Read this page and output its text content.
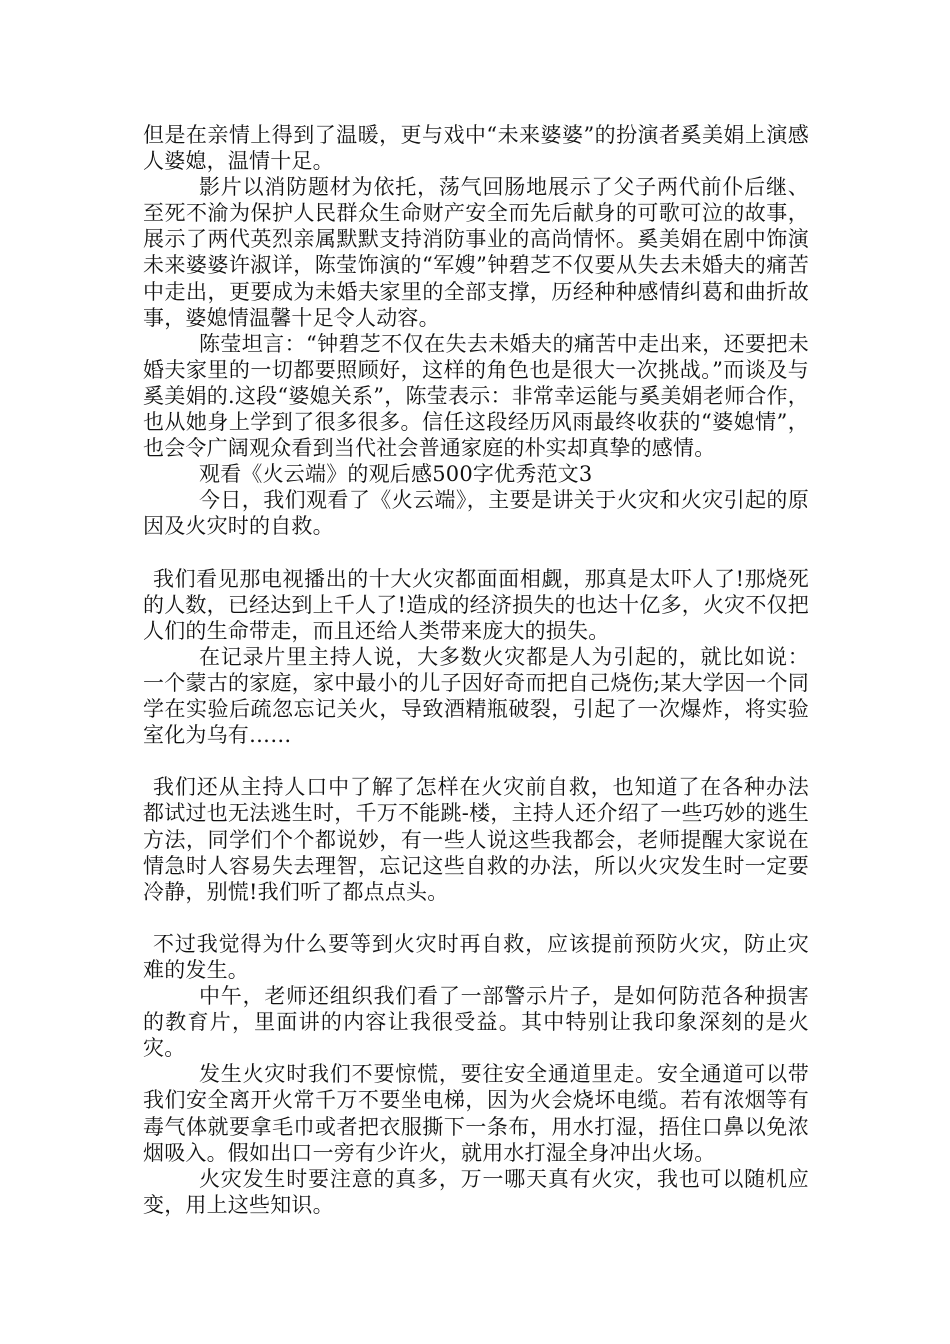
但是在亲情上得到了温暖，更与戏中“未来婆婆”的扮演者奚美娟上演感人婆媳，温情十足。

影片以消防题材为依托，荡气回肠地展示了父子两代前仆后继、至死不渝为保护人民群众生命财产安全而先后献身的可歌可泣的故事，展示了两代英烈亲属默默支持消防事业的高尚情怀。奚美娟在剧中饰演未来婆婆许淑详，陈莹饰演的“军嫂”钟碧芝不仅要从失去未婚夫的痛苦中走出，更要成为未婚夫家里的全部支撑，历经种种感情纠葛和曲折故事，婆媳情温馨十足令人动容。

陈莹坦言：“钟碧芝不仅在失去未婚夫的痛苦中走出来，还要把未婚夫家里的一切都要照顾好，这样的角色也是很大一次挑战。”而谈及与奚美娟的.这段“婆媳关系”，陈莹表示：非常幸运能与奚美娟老师合作，也从她身上学到了很多很多。信任这段经历风雨最终收获的“婆媳情”，也会令广阔观众看到当代社会普通家庭的朴实却真挚的感情。

观看《火云端》的观后感500字优秀范文3

今日，我们观看了《火云端》，主要是讲关于火灾和火灾引起的原因及火灾时的自救。

我们看见那电视播出的十大火灾都面面相觑，那真是太吓人了!那烧死的人数，已经达到上千人了!造成的经济损失的也达十亿多，火灾不仅把人们的生命带走，而且还给人类带来庞大的损失。

在记录片里主持人说，大多数火灾都是人为引起的，就比如说：一个蒙古的家庭，家中最小的儿子因好奇而把自己烧伤;某大学因一个同学在实验后疏忽忘记关火，导致酒精瓶破裂，引起了一次爆炸，将实验室化为乌有……

我们还从主持人口中了解了怎样在火灾前自救，也知道了在各种办法都试过也无法逃生时，千万不能跳-楼，主持人还介绍了一些巧妙的逃生方法，同学们个个都说妙，有一些人说这些我都会，老师提醒大家说在情急时人容易失去理智，忘记这些自救的办法，所以火灾发生时一定要冷静，别慌!我们听了都点点头。

不过我觉得为什么要等到火灾时再自救，应该提前预防火灾，防止灾难的发生。

中午，老师还组织我们看了一部警示片子，是如何防范各种损害的教育片，里面讲的内容让我很受益。其中特别让我印象深刻的是火灾。

发生火灾时我们不要惊慌，要往安全通道里走。安全通道可以带我们安全离开火常千万不要坐电梯，因为火会烧坏电缆。若有浓烟等有毒气体就要拿毛巾或者把衣服撕下一条布，用水打湿，捂住口鼻以免浓烟吸入。假如出口一旁有少许火，就用水打湿全身冲出火场。

火灾发生时要注意的真多，万一哪天真有火灾，我也可以随机应变，用上这些知识。
